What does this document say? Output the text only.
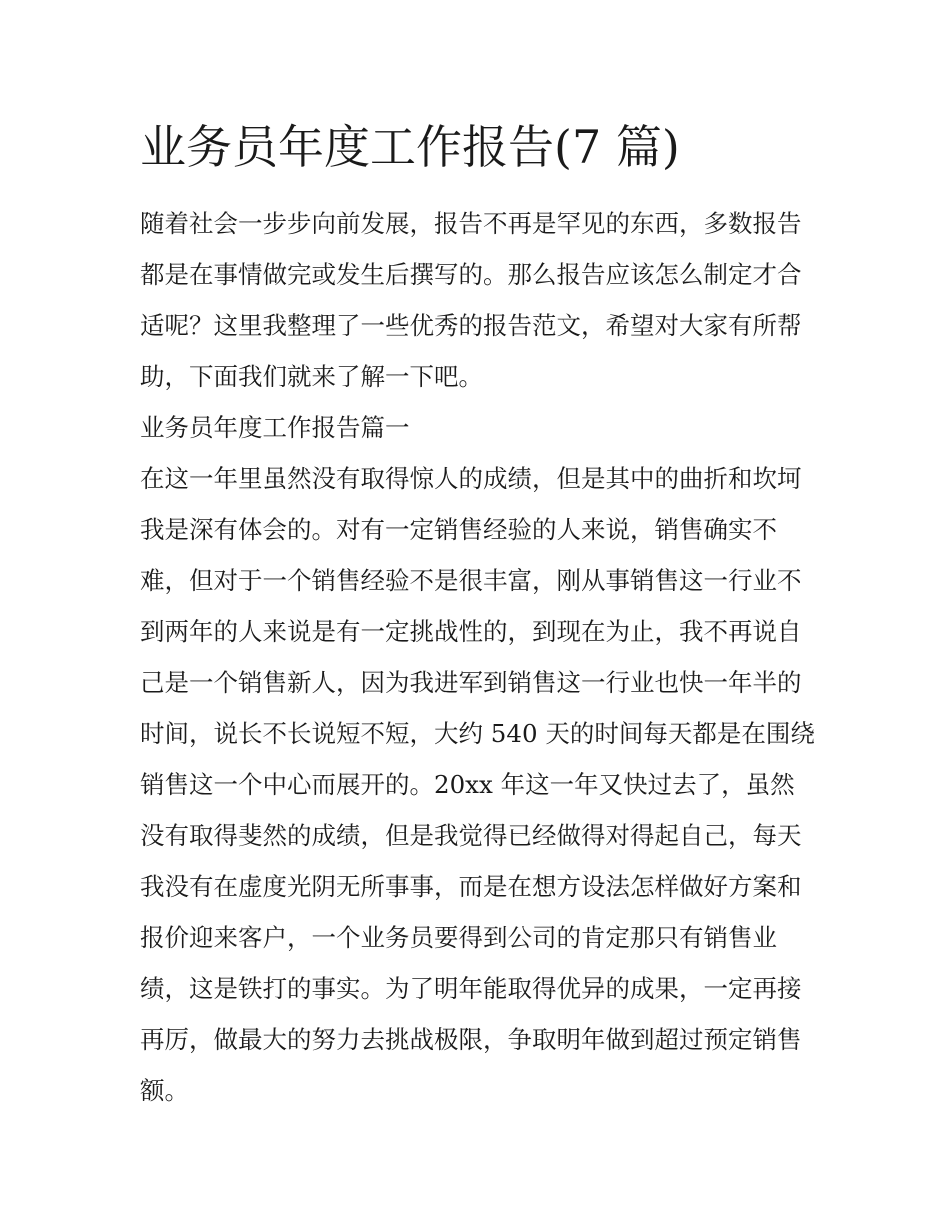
业务员年度工作报告(7 篇)
随着社会一步步向前发展，报告不再是罕见的东西，多数报告
都是在事情做完或发生后撰写的。那么报告应该怎么制定才合
适呢？这里我整理了一些优秀的报告范文，希望对大家有所帮
助，下面我们就来了解一下吧。
业务员年度工作报告篇一
在这一年里虽然没有取得惊人的成绩，但是其中的曲折和坎坷
我是深有体会的。对有一定销售经验的人来说，销售确实不
难，但对于一个销售经验不是很丰富，刚从事销售这一行业不
到两年的人来说是有一定挑战性的，到现在为止，我不再说自
己是一个销售新人，因为我进军到销售这一行业也快一年半的
时间，说长不长说短不短，大约 540 天的时间每天都是在围绕
销售这一个中心而展开的。20xx 年这一年又快过去了，虽然
没有取得斐然的成绩，但是我觉得已经做得对得起自己，每天
我没有在虚度光阴无所事事，而是在想方设法怎样做好方案和
报价迎来客户，一个业务员要得到公司的肯定那只有销售业
绩，这是铁打的事实。为了明年能取得优异的成果，一定再接
再厉，做最大的努力去挑战极限，争取明年做到超过预定销售
额。
